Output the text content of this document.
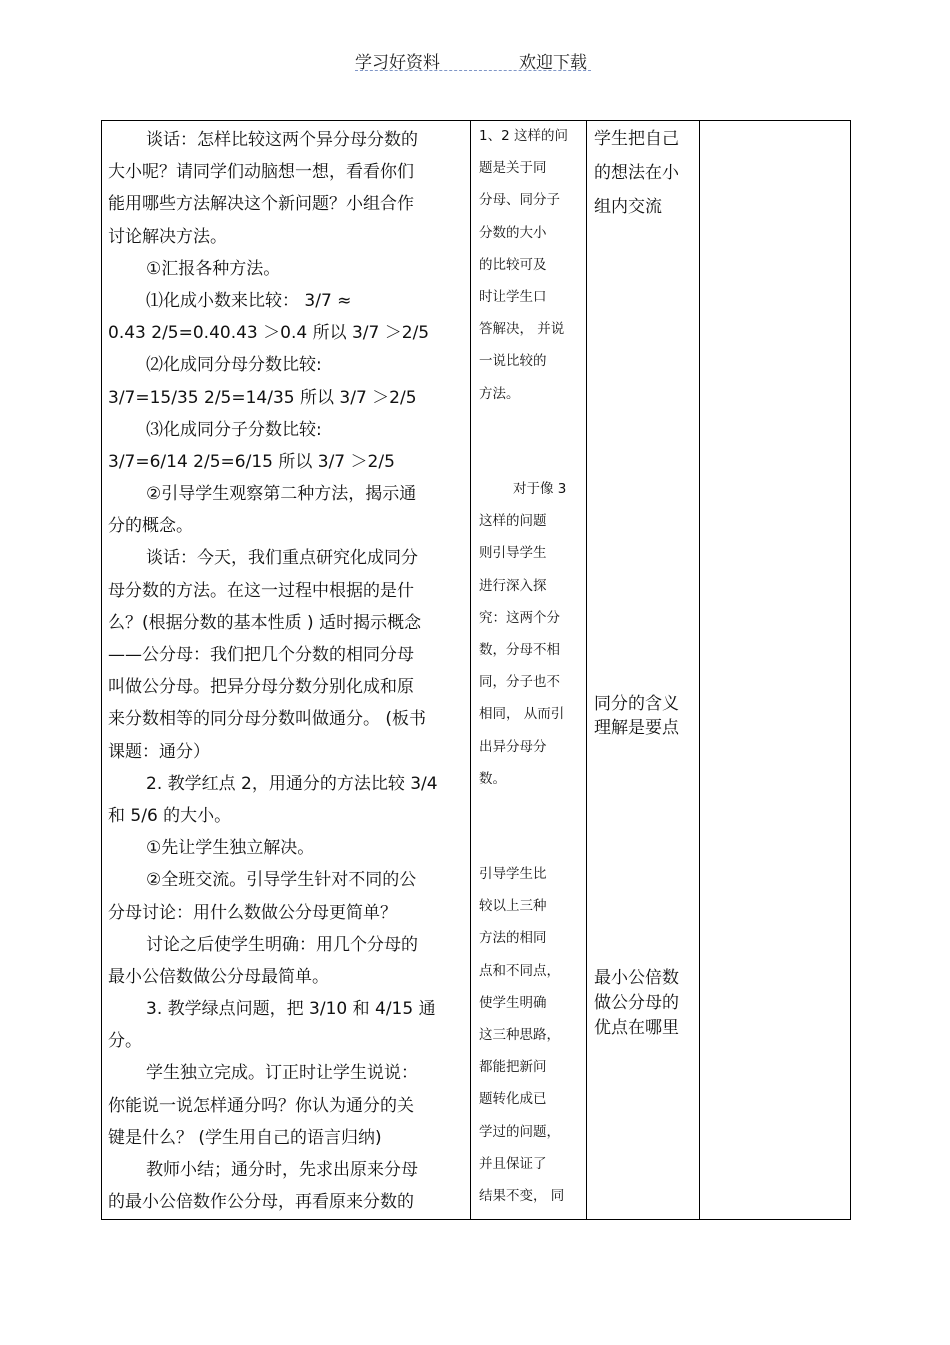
学习好资料	欢迎下载
谈话：怎样比较这两个异分母分数的
大小呢？请同学们动脑想一想，看看你们
能用哪些方法解决这个新问题？小组合作
讨论解决方法。
①汇报各种方法。
⑴化成小数来比较： 3/7 ≈
0.43 2/5=0.40.43 ＞0.4 所以 3/7 ＞2/5
⑵化成同分母分数比较:
3/7=15/35 2/5=14/35 所以 3/7 ＞2/5
⑶化成同分子分数比较:
3/7=6/14 2/5=6/15 所以 3/7 ＞2/5
②引导学生观察第二种方法，揭示通
分的概念。
谈话：今天，我们重点研究化成同分
母分数的方法。在这一过程中根据的是什
么？(根据分数的基本性质 ) 适时揭示概念
——公分母：我们把几个分数的相同分母
叫做公分母。把异分母分数分别化成和原
来分数相等的同分母分数叫做通分。 (板书
课题：通分）
2. 教学红点 2，用通分的方法比较 3/4
和 5/6 的大小。
①先让学生独立解决。
②全班交流。引导学生针对不同的公
分母讨论：用什么数做公分母更简单？
讨论之后使学生明确：用几个分母的
最小公倍数做公分母最简单。
3. 教学绿点问题，把 3/10 和 4/15 通
分。
学生独立完成。订正时让学生说说：
你能说一说怎样通分吗？你认为通分的关
键是什么？ (学生用自己的语言归纳)
教师小结；通分时，先求出原来分母
的最小公倍数作公分母，再看原来分数的
1、2 这样的问
题是关于同
分母、同分子
分数的大小
的比较可及
时让学生口
答解决， 并说
一说比较的
方法。
对于像 3
这样的问题
则引导学生
进行深入探
究：这两个分
数，分母不相
同，分子也不
相同， 从而引
出异分母分
数。
引导学生比
较以上三种
方法的相同
点和不同点，
使学生明确
这三种思路，
都能把新问
题转化成已
学过的问题，
并且保证了
结果不变， 同
学生把自己
的想法在小
组内交流
同分的含义
理解是要点
最小公倍数
做公分母的
优点在哪里
